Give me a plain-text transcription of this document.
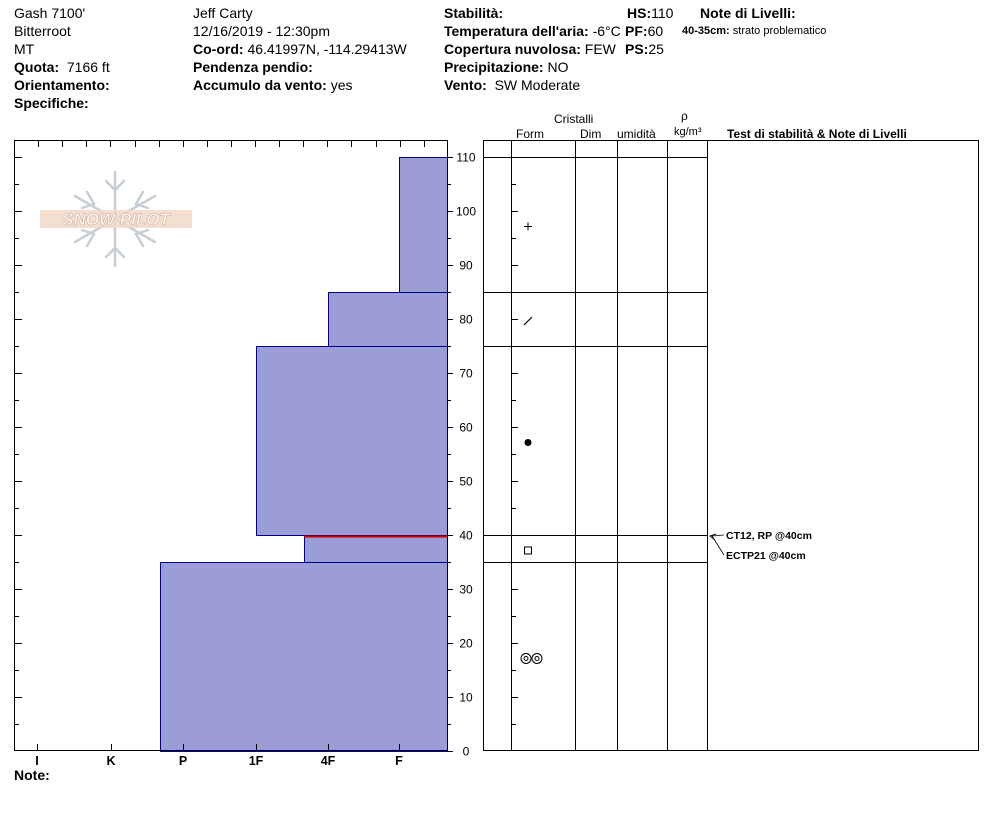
Gash 7100'
Bitterroot
MT
Quota: 7166 ft
Orientamento:
Specifiche:
Jeff Carty
12/16/2019 - 12:30pm
Co-ord: 46.41997N, -114.29413W
Pendenza pendio:
Accumulo da vento: yes
Stabilità:
Temperatura dell'aria: -6°C
Copertura nuvolosa: FEW
Precipitazione: NO
Vento: SW Moderate
HS:110
PF:60
PS:25
Note di Livelli:
40-35cm: strato problematico
Cristalli
Form	Dim umidità
ρ
kg/m³ Test di stabilità & Note di Livelli
SNOW PILOT
I	K	P	1F	4F	F
0
10
20
30
40
50
60
70
80
90
100
110
CT12, RP @40cm
ECTP21 @40cm
Note:
